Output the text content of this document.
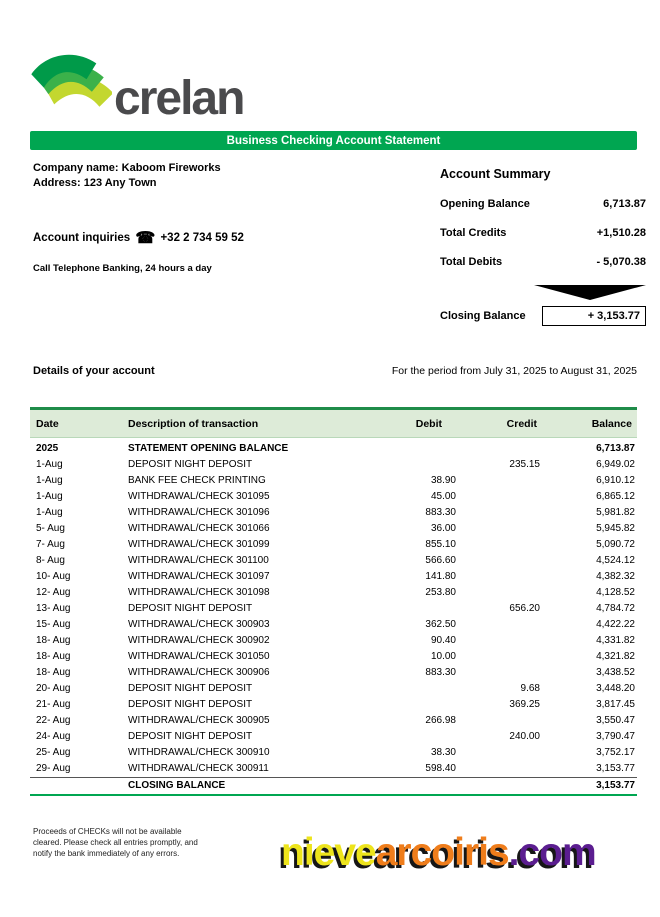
crelan
Business Checking Account Statement
Company name: Kaboom Fireworks
Address: 123 Any Town
Account inquiries ☎ +32 2 734 59 52
Call Telephone Banking, 24 hours a day
Account Summary
Opening Balance	6,713.87
Total Credits	+1,510.28
Total Debits	- 5,070.38
Closing Balance	+ 3,153.77
Details of your account	For the period from July 31, 2025 to August 31, 2025
Date	Description of transaction	Debit	Credit	Balance
2025	STATEMENT OPENING BALANCE			6,713.87
1-Aug	DEPOSIT NIGHT DEPOSIT		235.15	6,949.02
1-Aug	BANK FEE CHECK PRINTING	38.90		6,910.12
1-Aug	WITHDRAWAL/CHECK 301095	45.00		6,865.12
1-Aug	WITHDRAWAL/CHECK 301096	883.30		5,981.82
5- Aug	WITHDRAWAL/CHECK 301066	36.00		5,945.82
7- Aug	WITHDRAWAL/CHECK 301099	855.10		5,090.72
8- Aug	WITHDRAWAL/CHECK 301100	566.60		4,524.12
10- Aug	WITHDRAWAL/CHECK 301097	141.80		4,382.32
12- Aug	WITHDRAWAL/CHECK 301098	253.80		4,128.52
13- Aug	DEPOSIT NIGHT DEPOSIT		656.20	4,784.72
15- Aug	WITHDRAWAL/CHECK 300903	362.50		4,422.22
18- Aug	WITHDRAWAL/CHECK 300902	90.40		4,331.82
18- Aug	WITHDRAWAL/CHECK 301050	10.00		4,321.82
18- Aug	WITHDRAWAL/CHECK 300906	883.30		3,438.52
20- Aug	DEPOSIT NIGHT DEPOSIT		9.68	3,448.20
21- Aug	DEPOSIT NIGHT DEPOSIT		369.25	3,817.45
22- Aug	WITHDRAWAL/CHECK 300905	266.98		3,550.47
24- Aug	DEPOSIT NIGHT DEPOSIT		240.00	3,790.47
25- Aug	WITHDRAWAL/CHECK 300910	38.30		3,752.17
29- Aug	WITHDRAWAL/CHECK 300911	598.40		3,153.77
	CLOSING BALANCE			3,153.77
Proceeds of CHECKs will not be available
cleared. Please check all entries promptly, and
notify the bank immediately of any errors.	nievearcoiris.com
